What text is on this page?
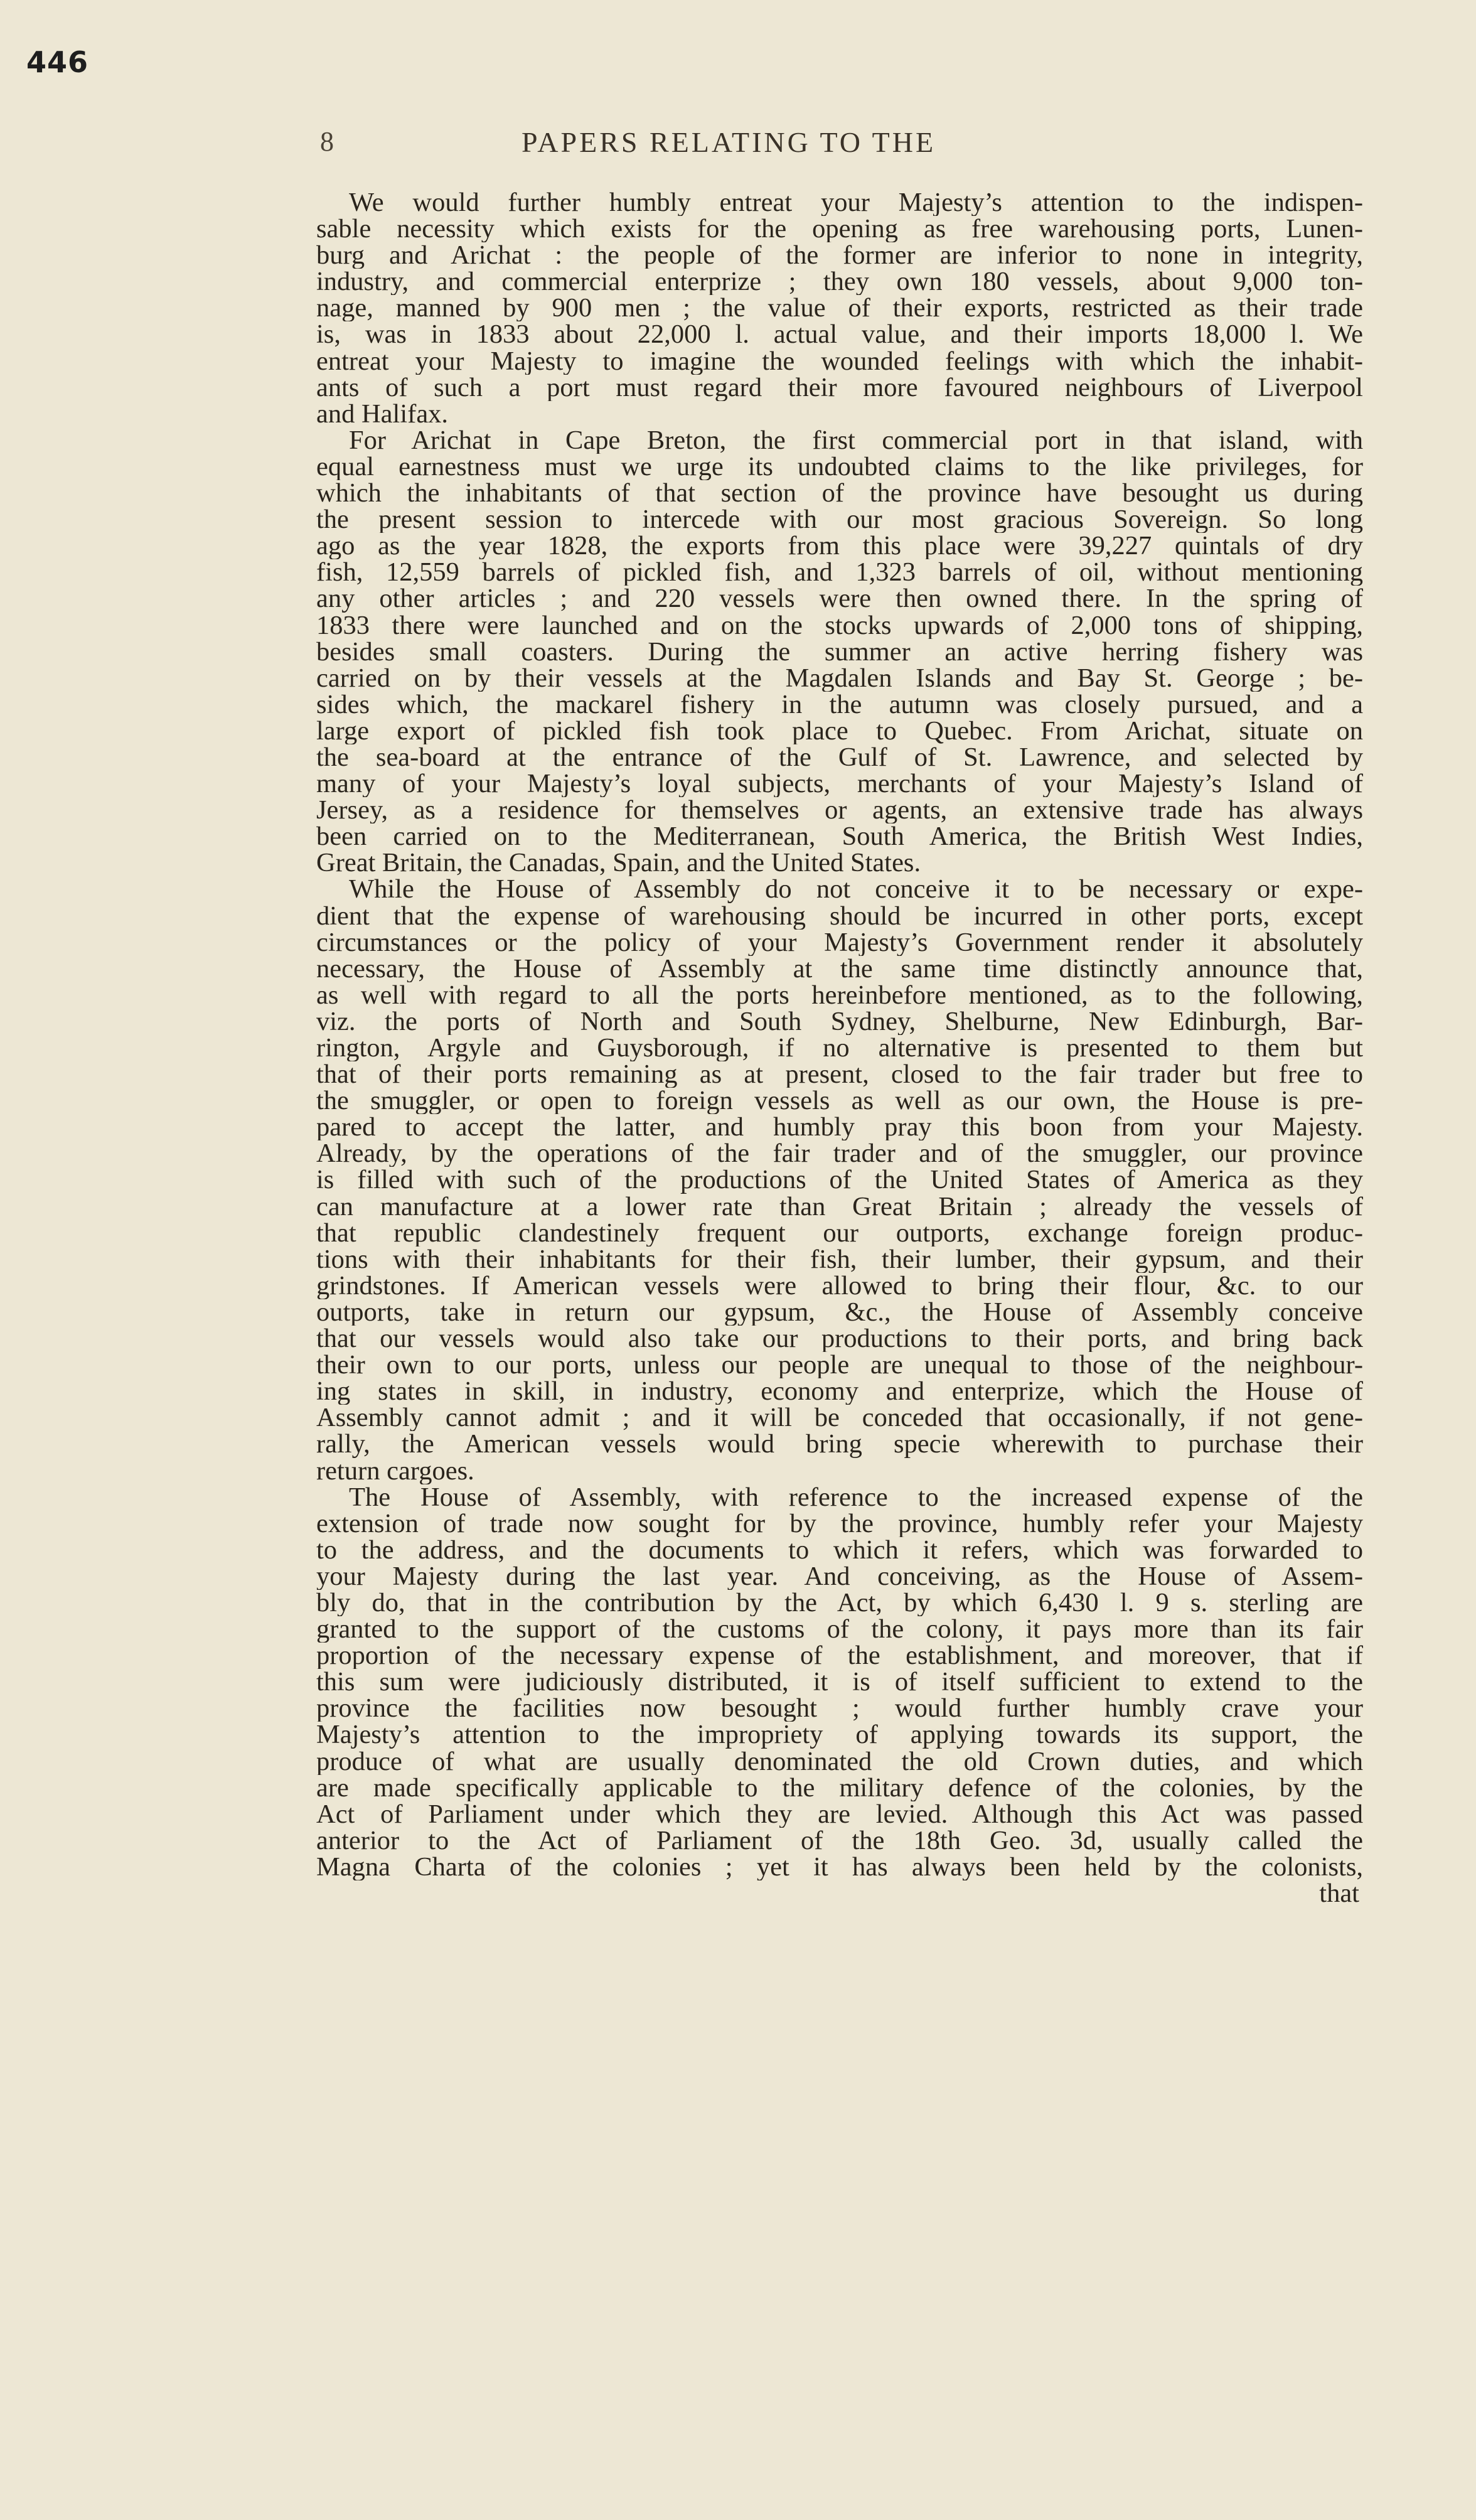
446
8	PAPERS RELATING TO THE
We would further humbly entreat your Majesty’s attention to the indispen-
sable necessity which exists for the opening as free warehousing ports, Lunen-
burg and Arichat : the people of the former are inferior to none in integrity,
industry, and commercial enterprize ; they own 180 vessels, about 9,000 ton-
nage, manned by 900 men ; the value of their exports, restricted as their trade
is, was in 1833 about 22,000 l. actual value, and their imports 18,000 l. We
entreat your Majesty to imagine the wounded feelings with which the inhabit-
ants of such a port must regard their more favoured neighbours of Liverpool
and Halifax.
For Arichat in Cape Breton, the first commercial port in that island, with
equal earnestness must we urge its undoubted claims to the like privileges, for
which the inhabitants of that section of the province have besought us during
the present session to intercede with our most gracious Sovereign. So long
ago as the year 1828, the exports from this place were 39,227 quintals of dry
fish, 12,559 barrels of pickled fish, and 1,323 barrels of oil, without mentioning
any other articles ; and 220 vessels were then owned there. In the spring of
1833 there were launched and on the stocks upwards of 2,000 tons of shipping,
besides small coasters. During the summer an active herring fishery was
carried on by their vessels at the Magdalen Islands and Bay St. George ; be-
sides which, the mackarel fishery in the autumn was closely pursued, and a
large export of pickled fish took place to Quebec. From Arichat, situate on
the sea-board at the entrance of the Gulf of St. Lawrence, and selected by
many of your Majesty’s loyal subjects, merchants of your Majesty’s Island of
Jersey, as a residence for themselves or agents, an extensive trade has always
been carried on to the Mediterranean, South America, the British West Indies,
Great Britain, the Canadas, Spain, and the United States.
While the House of Assembly do not conceive it to be necessary or expe-
dient that the expense of warehousing should be incurred in other ports, except
circumstances or the policy of your Majesty’s Government render it absolutely
necessary, the House of Assembly at the same time distinctly announce that,
as well with regard to all the ports hereinbefore mentioned, as to the following,
viz. the ports of North and South Sydney, Shelburne, New Edinburgh, Bar-
rington, Argyle and Guysborough, if no alternative is presented to them but
that of their ports remaining as at present, closed to the fair trader but free to
the smuggler, or open to foreign vessels as well as our own, the House is pre-
pared to accept the latter, and humbly pray this boon from your Majesty.
Already, by the operations of the fair trader and of the smuggler, our province
is filled with such of the productions of the United States of America as they
can manufacture at a lower rate than Great Britain ; already the vessels of
that republic clandestinely frequent our outports, exchange foreign produc-
tions with their inhabitants for their fish, their lumber, their gypsum, and their
grindstones. If American vessels were allowed to bring their flour, &c. to our
outports, take in return our gypsum, &c., the House of Assembly conceive
that our vessels would also take our productions to their ports, and bring back
their own to our ports, unless our people are unequal to those of the neighbour-
ing states in skill, in industry, economy and enterprize, which the House of
Assembly cannot admit ; and it will be conceded that occasionally, if not gene-
rally, the American vessels would bring specie wherewith to purchase their
return cargoes.
The House of Assembly, with reference to the increased expense of the
extension of trade now sought for by the province, humbly refer your Majesty
to the address, and the documents to which it refers, which was forwarded to
your Majesty during the last year. And conceiving, as the House of Assem-
bly do, that in the contribution by the Act, by which 6,430 l. 9 s. sterling are
granted to the support of the customs of the colony, it pays more than its fair
proportion of the necessary expense of the establishment, and moreover, that if
this sum were judiciously distributed, it is of itself sufficient to extend to the
province the facilities now besought ; would further humbly crave your
Majesty’s attention to the impropriety of applying towards its support, the
produce of what are usually denominated the old Crown duties, and which
are made specifically applicable to the military defence of the colonies, by the
Act of Parliament under which they are levied. Although this Act was passed
anterior to the Act of Parliament of the 18th Geo. 3d, usually called the
Magna Charta of the colonies ; yet it has always been held by the colonists,
that
